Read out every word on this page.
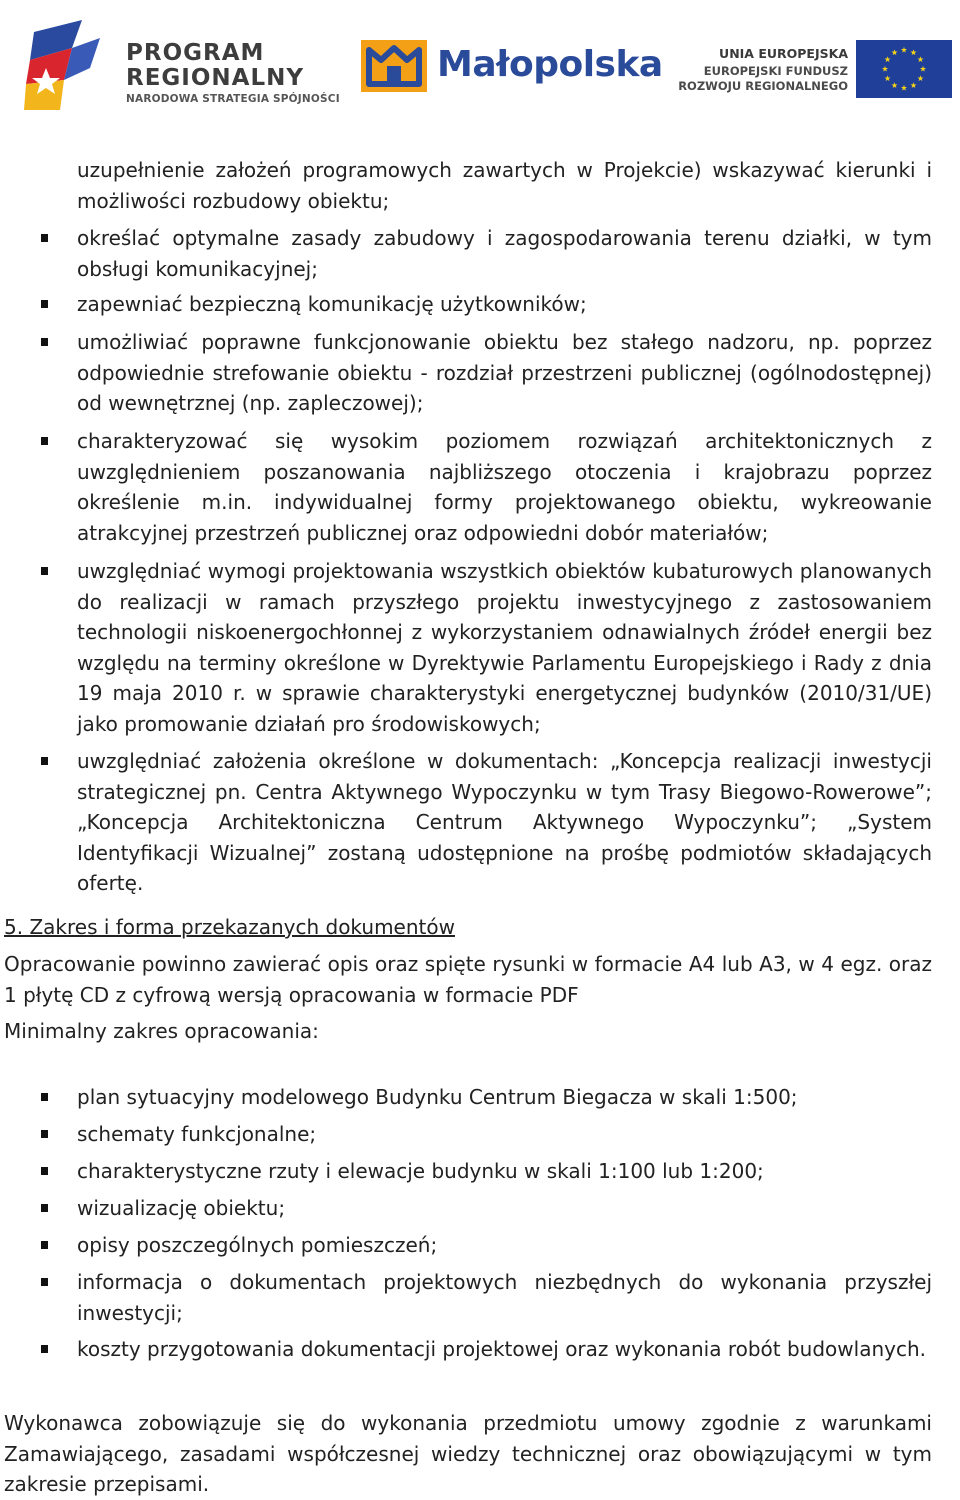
PROGRAM
REGIONALNY
NARODOWA STRATEGIA SPÓJNOŚCI
Małopolska	UNIA EUROPEJSKA
EUROPEJSKI FUNDUSZ
ROZWOJU REGIONALNEGO
uzupełnienie założeń programowych zawartych w Projekcie) wskazywać kierunki i możliwości rozbudowy obiektu;
określać optymalne zasady zabudowy i zagospodarowania terenu działki, w tym obsługi komunikacyjnej;
zapewniać bezpieczną komunikację użytkowników;
umożliwiać poprawne funkcjonowanie obiektu bez stałego nadzoru, np. poprzez odpowiednie strefowanie obiektu - rozdział przestrzeni publicznej (ogólnodostępnej) od wewnętrznej (np. zapleczowej);
charakteryzować się wysokim poziomem rozwiązań architektonicznych z uwzględnieniem poszanowania najbliższego otoczenia i krajobrazu poprzez określenie m.in. indywidualnej formy projektowanego obiektu, wykreowanie atrakcyjnej przestrzeń publicznej oraz odpowiedni dobór materiałów;
uwzględniać wymogi projektowania wszystkich obiektów kubaturowych planowanych do realizacji w ramach przyszłego projektu inwestycyjnego z zastosowaniem technologii niskoenergochłonnej z wykorzystaniem odnawialnych źródeł energii bez względu na terminy określone w Dyrektywie Parlamentu Europejskiego i Rady z dnia 19 maja 2010 r. w sprawie charakterystyki energetycznej budynków (2010/31/UE) jako promowanie działań pro środowiskowych;
uwzględniać założenia określone w dokumentach: „Koncepcja realizacji inwestycji strategicznej pn. Centra Aktywnego Wypoczynku w tym Trasy Biegowo-Rowerowe”; „Koncepcja Architektoniczna Centrum Aktywnego Wypoczynku”; „System Identyfikacji Wizualnej” zostaną udostępnione na prośbę podmiotów składających ofertę.
5. Zakres i forma przekazanych dokumentów
Opracowanie powinno zawierać opis oraz spięte rysunki w formacie A4 lub A3, w 4 egz. oraz 1 płytę CD z cyfrową wersją opracowania w formacie PDF
Minimalny zakres opracowania:
plan sytuacyjny modelowego Budynku Centrum Biegacza w skali 1:500;
schematy funkcjonalne;
charakterystyczne rzuty i elewacje budynku w skali 1:100 lub 1:200;
wizualizację obiektu;
opisy poszczególnych pomieszczeń;
informacja o dokumentach projektowych niezbędnych do wykonania przyszłej inwestycji;
koszty przygotowania dokumentacji projektowej oraz wykonania robót budowlanych.
Wykonawca zobowiązuje się do wykonania przedmiotu umowy zgodnie z warunkami Zamawiającego, zasadami współczesnej wiedzy technicznej oraz obowiązującymi w tym zakresie przepisami.
